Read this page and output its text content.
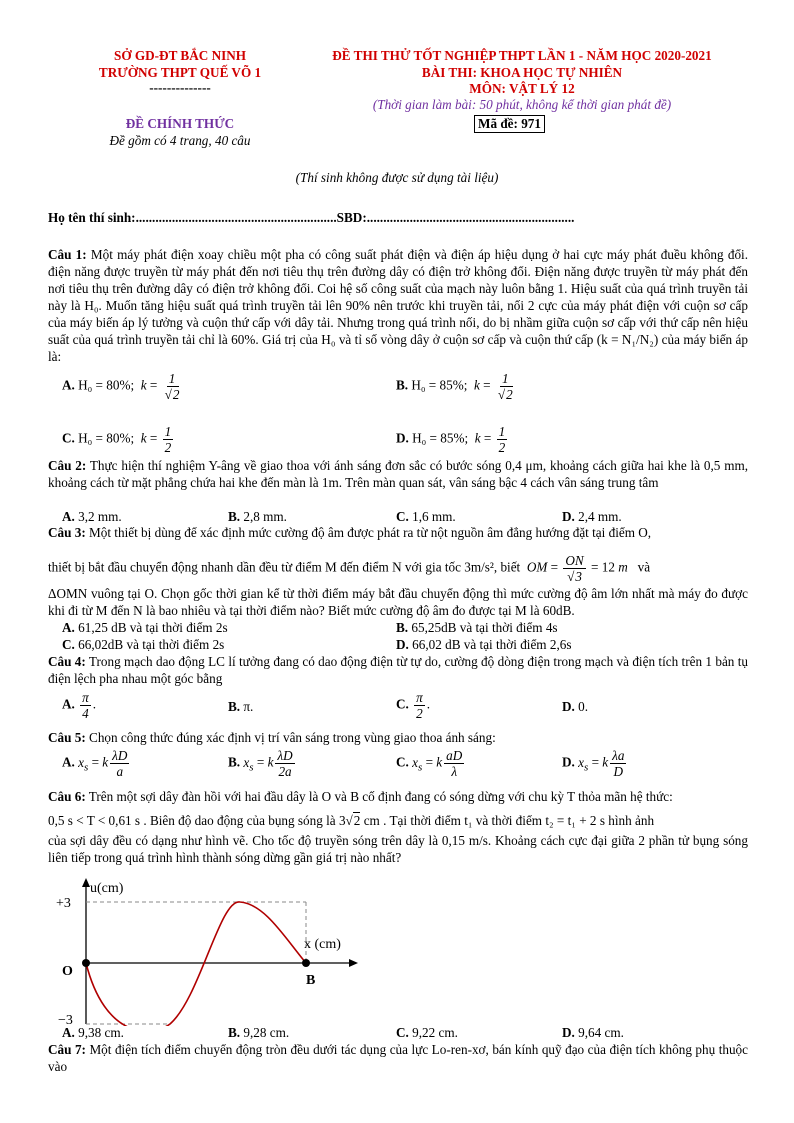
SỞ GD-ĐT BẮC NINH
TRƯỜNG THPT QUẾ VÕ 1
--------------
ĐỀ CHÍNH THỨC
Đề gồm có 4 trang, 40 câu
ĐỀ THI THỬ TỐT NGHIỆP THPT LẦN 1 - NĂM HỌC 2020-2021
BÀI THI: KHOA HỌC TỰ NHIÊN
MÔN: VẬT LÝ 12
(Thời gian làm bài: 50 phút, không kể thời gian phát đề)
Mã đề: 971
(Thí sinh không được sử dụng tài liệu)
Họ tên thí sinh:.............................................................SBD:...............................................................
Câu 1: Một máy phát điện xoay chiều một pha có công suất phát điện và điện áp hiệu dụng ở hai cực máy phát đuều không đổi. điện năng được truyền từ máy phát đến nơi tiêu thụ trên đường dây có điện trở không đổi. Điện năng được truyền từ máy phát đến nơi tiêu thụ trên đường dây có điện trở không đổi. Coi hệ số công suất của mạch này luôn bằng 1. Hiệu suất của quá trình truyền tải này là H₀. Muốn tăng hiệu suất quá trình truyền tải lên 90% nên trước khi truyền tải, nối 2 cực của máy phát điện với cuộn sơ cấp của máy biến áp lý tưởng và cuộn thứ cấp với dây tải. Nhưng trong quá trình nối, do bị nhầm giữa cuộn sơ cấp với thứ cấp nên hiệu suất của quá trình truyền tải chỉ là 60%. Giá trị của H₀ và tỉ số vòng dây ở cuộn sơ cấp và cuộn thứ cấp (k = N₁/N₂) của máy biến áp là:
A. H₀ = 80%; $k = \frac{1}{√2}$	B. H₀ = 85%; $k = \frac{1}{√2}$
C. H₀ = 80%; $k = \frac{1}{2}$	D. H₀ = 85%; $k = \frac{1}{2}$
Câu 2: Thực hiện thí nghiệm Y-âng về giao thoa với ánh sáng đơn sắc có bước sóng 0,4 μm, khoảng cách giữa hai khe là 0,5 mm, khoảng cách từ mặt phẳng chứa hai khe đến màn là 1m. Trên màn quan sát, vân sáng bậc 4 cách vân sáng trung tâm
A. 3,2 mm.	B. 2,8 mm.	C. 1,6 mm.	D. 2,4 mm.
Câu 3: Một thiết bị dùng để xác định mức cường độ âm được phát ra từ nột nguồn âm đẳng hướng đặt tại điểm O,
thiết bị bắt đầu chuyển động nhanh dần đều từ điểm M đến điểm N với gia tốc 3m/s², biết OM = $\frac{ON}{√3} = 12$ m và
ΔOMN vuông tại O. Chọn gốc thời gian kể từ thời điểm máy bắt đầu chuyển động thì mức cường độ âm lớn nhất mà máy đo được khi đi từ M đến N là bao nhiêu và tại thời điểm nào? Biết mức cường độ âm đo được tại M là 60dB.
A. 61,25 dB và tại thời điểm 2s	B. 65,25dB và tại thời điểm 4s
C. 66,02dB và tại thời điểm 2s	D. 66,02 dB và tại thời điểm 2,6s
Câu 4: Trong mạch dao động LC lí tưởng đang có dao động điện từ tự do, cường độ dòng điện trong mạch và điện tích trên 1 bản tụ điện lệch pha nhau một góc bằng
A. $\frac{\pi}{4}$ .	B. π.	C. $\frac{\pi}{2}$ .	D. 0.
Câu 5: Chọn công thức đúng xác định vị trí vân sáng trong vùng giao thoa ánh sáng:
A. $x_s = k \frac{\lambda D}{a}$	B. $x_s = k \frac{\lambda D}{2a}$	C. $x_s = k \frac{aD}{\lambda}$	D. $x_s = k \frac{\lambda a}{D}$
Câu 6: Trên một sợi dây đàn hồi với hai đầu dây là O và B cố định đang có sóng dừng với chu kỳ T thỏa mãn hệ thức:
0,5 s < T < 0,61 s . Biên độ dao động của bụng sóng là 3√2 cm . Tại thời điểm t₁ và thời điểm t₂ = t₁ + 2 s hình ảnh
của sợi dây đều có dạng như hình vẽ. Cho tốc độ truyền sóng trên dây là 0,15 m/s. Khoảng cách cực đại giữa 2 phần tử bụng sóng liên tiếp trong quá trình hình thành sóng dừng gần giá trị nào nhất?
u(cm)
x (cm)
+3
−3
O
B
A. 9,38 cm.	B. 9,28 cm.	C. 9,22 cm.	D. 9,64 cm.
Câu 7: Một điện tích điểm chuyển động tròn đều dưới tác dụng của lực Lo-ren-xơ, bán kính quỹ đạo của điện tích không phụ thuộc vào
